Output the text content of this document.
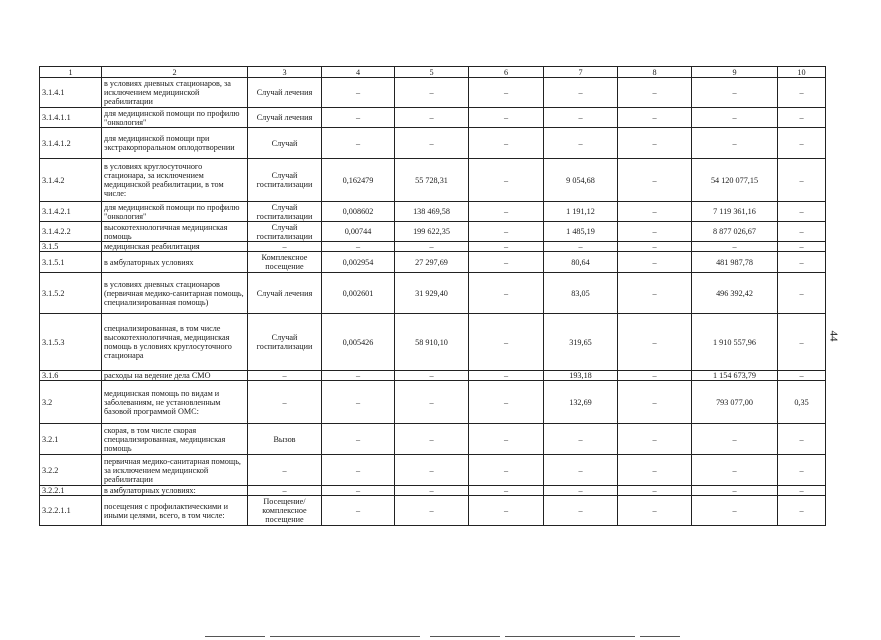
1	2	3	4	5	6	7	8	9	10
3.1.4.1	в условиях дневных стационаров, за исключением медицинской реабилитации	Случай лечения	–	–	–	–	–	–	–
3.1.4.1.1	для медицинской помощи по профилю "онкология"	Случай лечения	–	–	–	–	–	–	–
3.1.4.1.2	для медицинской помощи при экстракорпоральном оплодотворении	Случай	–	–	–	–	–	–	–
3.1.4.2	в условиях круглосуточного стационара, за исключением медицинской реабилитации, в том числе:	Случай госпитализации	0,162479	55 728,31	–	9 054,68	–	54 120 077,15	–
3.1.4.2.1	для медицинской помощи по профилю "онкология"	Случай госпитализации	0,008602	138 469,58	–	1 191,12	–	7 119 361,16	–
3.1.4.2.2	высокотехнологичная медицинская помощь	Случай госпитализации	0,00744	199 622,35	–	1 485,19	–	8 877 026,67	–
3.1.5	медицинская реабилитация	–	–	–	–	–	–	–	–
3.1.5.1	в амбулаторных условиях	Комплексное посещение	0,002954	27 297,69	–	80,64	–	481 987,78	–
3.1.5.2	в условиях дневных стационаров (первичная медико-санитарная помощь, специализированная помощь)	Случай лечения	0,002601	31 929,40	–	83,05	–	496 392,42	–
3.1.5.3	специализированная, в том числе высокотехнологичная, медицинская помощь в условиях круглосуточного стационара	Случай госпитализации	0,005426	58 910,10	–	319,65	–	1 910 557,96	–
3.1.6	расходы на ведение дела СМО	–	–	–	–	193,18	–	1 154 673,79	–
3.2	медицинская помощь по видам и заболеваниям, не установленным базовой программой ОМС:	–	–	–	–	132,69	–	793 077,00	0,35
3.2.1	скорая, в том числе скорая специализированная, медицинская помощь	Вызов	–	–	–	–	–	–	–
3.2.2	первичная медико-санитарная помощь, за исключением медицинской реабилитации	–	–	–	–	–	–	–	–
3.2.2.1	в амбулаторных условиях:	–	–	–	–	–	–	–	–
3.2.2.1.1	посещения с профилактическими и иными целями, всего, в том числе:	Посещение/ комплексное посещение	–	–	–	–	–	–	–
44
